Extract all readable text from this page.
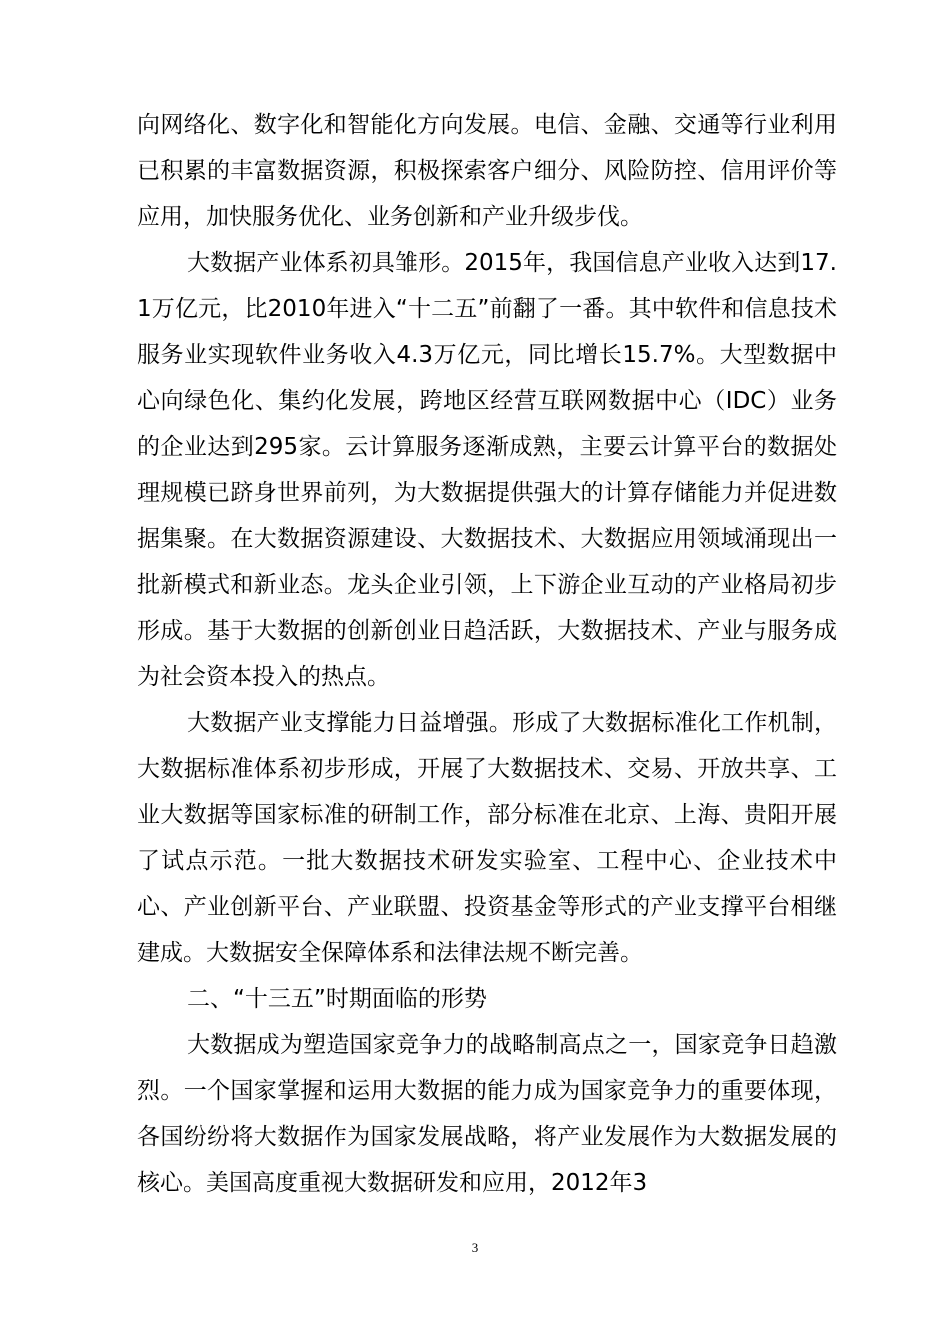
向网络化、数字化和智能化方向发展。电信、金融、交通等行业利用已积累的丰富数据资源，积极探索客户细分、风险防控、信用评价等应用，加快服务优化、业务创新和产业升级步伐。

大数据产业体系初具雏形。2015年，我国信息产业收入达到17.1万亿元，比2010年进入“十二五”前翻了一番。其中软件和信息技术服务业实现软件业务收入4.3万亿元，同比增长15.7%。大型数据中心向绿色化、集约化发展，跨地区经营互联网数据中心（IDC）业务的企业达到295家。云计算服务逐渐成熟，主要云计算平台的数据处理规模已跻身世界前列，为大数据提供强大的计算存储能力并促进数据集聚。在大数据资源建设、大数据技术、大数据应用领域涌现出一批新模式和新业态。龙头企业引领，上下游企业互动的产业格局初步形成。基于大数据的创新创业日趋活跃，大数据技术、产业与服务成为社会资本投入的热点。

大数据产业支撑能力日益增强。形成了大数据标准化工作机制，大数据标准体系初步形成，开展了大数据技术、交易、开放共享、工业大数据等国家标准的研制工作，部分标准在北京、上海、贵阳开展了试点示范。一批大数据技术研发实验室、工程中心、企业技术中心、产业创新平台、产业联盟、投资基金等形式的产业支撑平台相继建成。大数据安全保障体系和法律法规不断完善。

二、“十三五”时期面临的形势

大数据成为塑造国家竞争力的战略制高点之一，国家竞争日趋激烈。一个国家掌握和运用大数据的能力成为国家竞争力的重要体现，各国纷纷将大数据作为国家发展战略，将产业发展作为大数据发展的核心。美国高度重视大数据研发和应用，2012年3

3
